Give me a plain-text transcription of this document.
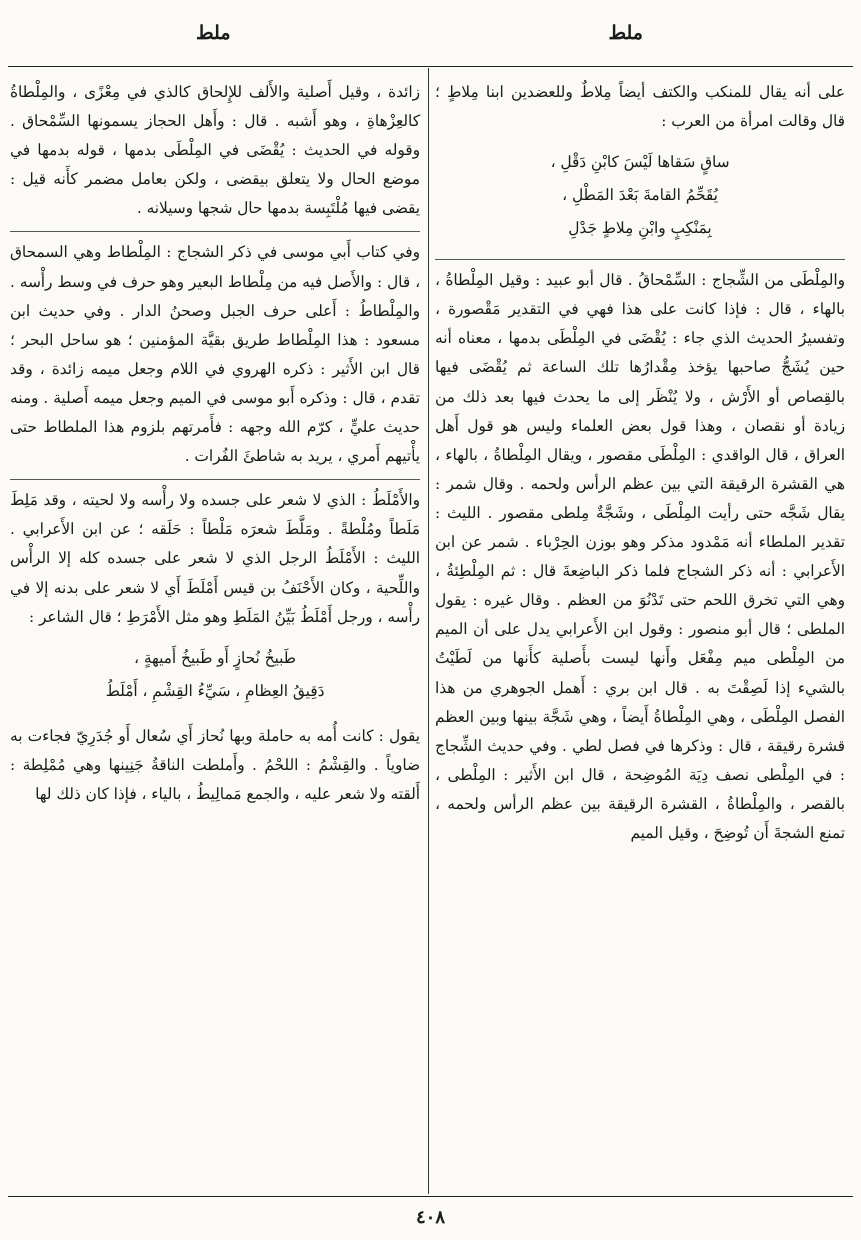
ملط
ملط

على أنه يقال للمنكب والكتف أيضاً مِلاطٌ وللعضدين ابنا مِلاطٍ ؛ قال وقالت امرأة من العرب :

ساقٍ سَقاها لَيْسَ كابْنِ دَقْلِ ،
يُقَحِّمُ القامةَ بَعْدَ المَطْلِ ،
بِمَنْكِبٍ وابْنِ مِلاطٍ جَدْلِ

والمِلْطَى من الشِّجاج : السِّمْحاقُ . قال أبو عبيد : وقيل المِلْطاةُ ، بالهاء ، قال : فإذا كانت على هذا فهي في التقدير مَقْصورة ، وتفسيرُ الحديث الذي جاء : يُقْضَى في المِلْطَى بدمها ، معناه أنه حين يُشَجُّ صاحبها يؤخذ مِقْدارُها تلك الساعة ثم يُقْضَى فيها بالقِصاص أو الأَرْش ، ولا يُنْظَر إلى ما يحدث فيها بعد ذلك من زيادة أو نقصان ، وهذا قول بعض العلماء وليس هو قول أَهل العراق ، قال الواقدي : المِلْطَى مقصور ، ويقال المِلْطاةُ ، بالهاء ، هي القشرة الرقيقة التي بين عظم الرأس ولحمه . وقال شمر : يقال شَجَّه حتى رأيت المِلْطَى ، وشَجَّةٌ مِلطى مقصور . الليث : تقدير الملطاء أنه مَمْدود مذكر وهو بوزن الحِرْباء . شمر عن ابن الأَعرابي : أنه ذكر الشجاج فلما ذكر الباضِعةَ قال : ثم المِلْطِئةُ ، وهي التي تخرق اللحم حتى تَدْنُوَ من العظم . وقال غيره : يقول الملطى ؛ قال أبو منصور : وقول ابن الأَعرابي يدل على أن الميم من المِلْطى ميم مِفْعَل وأَنها ليست بأَصلية كأَنها من لَطَيْتُ بالشيء إذا لَصِقْتَ به . قال ابن بري : أَهمل الجوهري من هذا الفصل المِلْطَى ، وهي المِلْطاةُ أَيضاً ، وهي شَجَّة بينها وبين العظم قشرة رقيقة ، قال : وذكرها في فصل لطي . وفي حديث الشِّجاج : في المِلْطى نصف دِيَة المُوضِحة ، قال ابن الأَثير : المِلْطى ، بالقصر ، والمِلْطاةُ ، القشرة الرقيقة بين عظم الرأس ولحمه ، تمنع الشجةَ أَن تُوضِحَ ، وقيل الميم

زائدة ، وقيل أَصلية والأَلف للإِلحاق كالذي في مِعْزًى ، والمِلْطاةُ كالعِزْهاةِ ، وهو أَشبه . قال : وأَهل الحجاز يسمونها السِّمْحاق . وقوله في الحديث : يُقْضَى في المِلْطَى بدمها ، قوله بدمها في موضع الحال ولا يتعلق بيقضى ، ولكن بعامل مضمر كأَنه قيل : يقضى فيها مُلْتَبِسة بدمها حال شجها وسيلانه .

وفي كتاب أَبي موسى في ذكر الشجاج : المِلْطاط وهي السمحاق ، قال : والأَصل فيه من مِلْطاط البعير وهو حرف في وسط رأْسه . والمِلْطاطُ : أَعلى حرف الجبل وصحنُ الدار . وفي حديث ابن مسعود : هذا المِلْطاط طريق بقيَّة المؤمنين ؛ هو ساحل البحر ؛ قال ابن الأَثير : ذكره الهروي في اللام وجعل ميمه زائدة ، وقد تقدم ، قال : وذكره أَبو موسى في الميم وجعل ميمه أَصلية . ومنه حديث عليٍّ ، كرّم الله وجهه : فأَمرتهم بلزوم هذا الملطاط حتى يأْتيهم أَمري ، يريد به شاطئَ الفُرات .

والأَمْلَطُ : الذي لا شعر على جسده ولا رأْسه ولا لحيته ، وقد مَلِطَ مَلَطاً ومُلْطةً . ومَلَّطَ شعرَه مَلْطاً : حَلَقه ؛ عن ابن الأَعرابي . الليث : الأَمْلَطُ الرجل الذي لا شعر على جسده كله إلا الرأْس واللِّحية ، وكان الأَحْنَفُ بن قيس أَمْلَطَ أَي لا شعر على بدنه إلا في رأْسه ، ورجل أَمْلَطُ بَيِّنُ المَلَطِ وهو مثل الأَمْرَطِ ؛ قال الشاعر :

طَبيخُ نُحازٍ أَو طَبيخُ أَميهةٍ ،
دَقِيقُ العِظامِ ، سَيِّءُ القِشْمِ ، أَمْلَطُ

يقول : كانت أُمه به حاملة وبها نُحاز أَي سُعال أَو جُدَرِيّ فجاءت به ضاوياً . والقِشْمُ : اللحْمُ . وأَملطت الناقةُ جَنِينها وهي مُمْلِطة : أَلقته ولا شعر عليه ، والجمع مَمالِيطُ ، بالياء ، فإذا كان ذلك لها

٤٠٨
